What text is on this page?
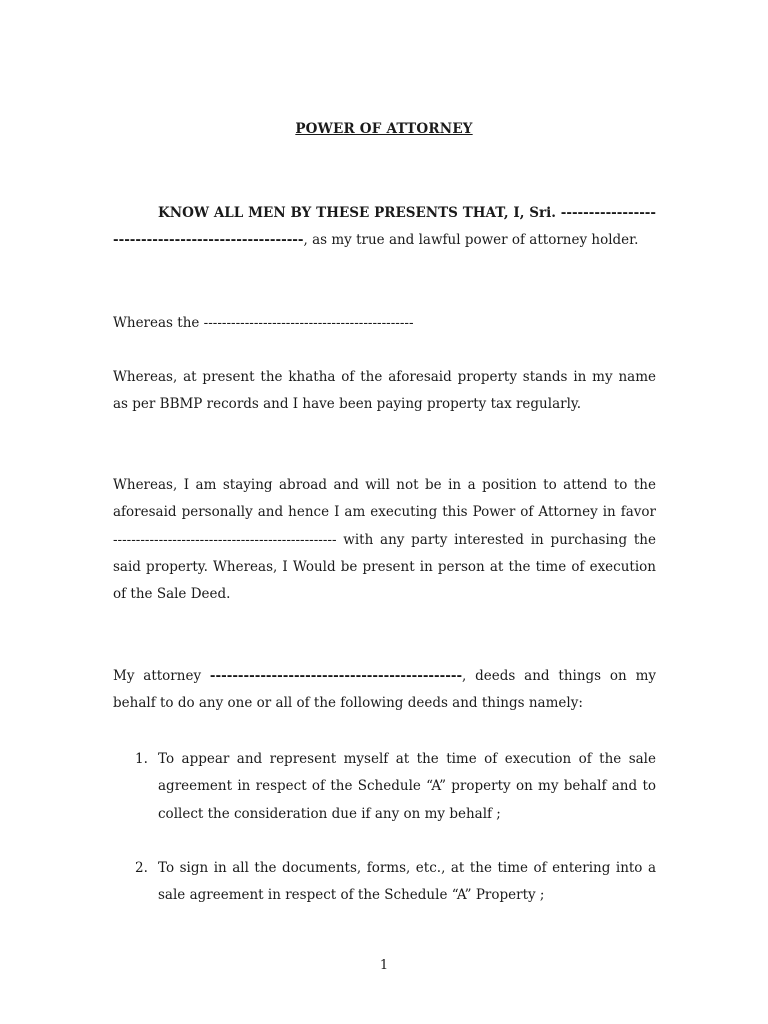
POWER OF ATTORNEY
KNOW ALL MEN BY THESE PRESENTS THAT, I, Sri. ---------------------------------------------------, as my true and lawful power of attorney holder.
Whereas the ----------------------------------------------
Whereas, at present the khatha of the aforesaid property stands in my name as per BBMP records and I have been paying property tax regularly.
Whereas, I am staying abroad and will not be in a position to attend to the aforesaid personally and hence I am executing this Power of Attorney in favor ------------------------------------------------- with any party interested in purchasing the said property. Whereas, I Would be present in person at the time of execution of the Sale Deed.
My attorney ---------------------------------------------, deeds and things on my behalf to do any one or all of the following deeds and things namely:
1. To appear and represent myself at the time of execution of the sale agreement in respect of the Schedule “A” property on my behalf and to collect the consideration due if any on my behalf ;
2. To sign in all the documents, forms, etc., at the time of entering into a sale agreement in respect of the Schedule “A” Property ;
1
